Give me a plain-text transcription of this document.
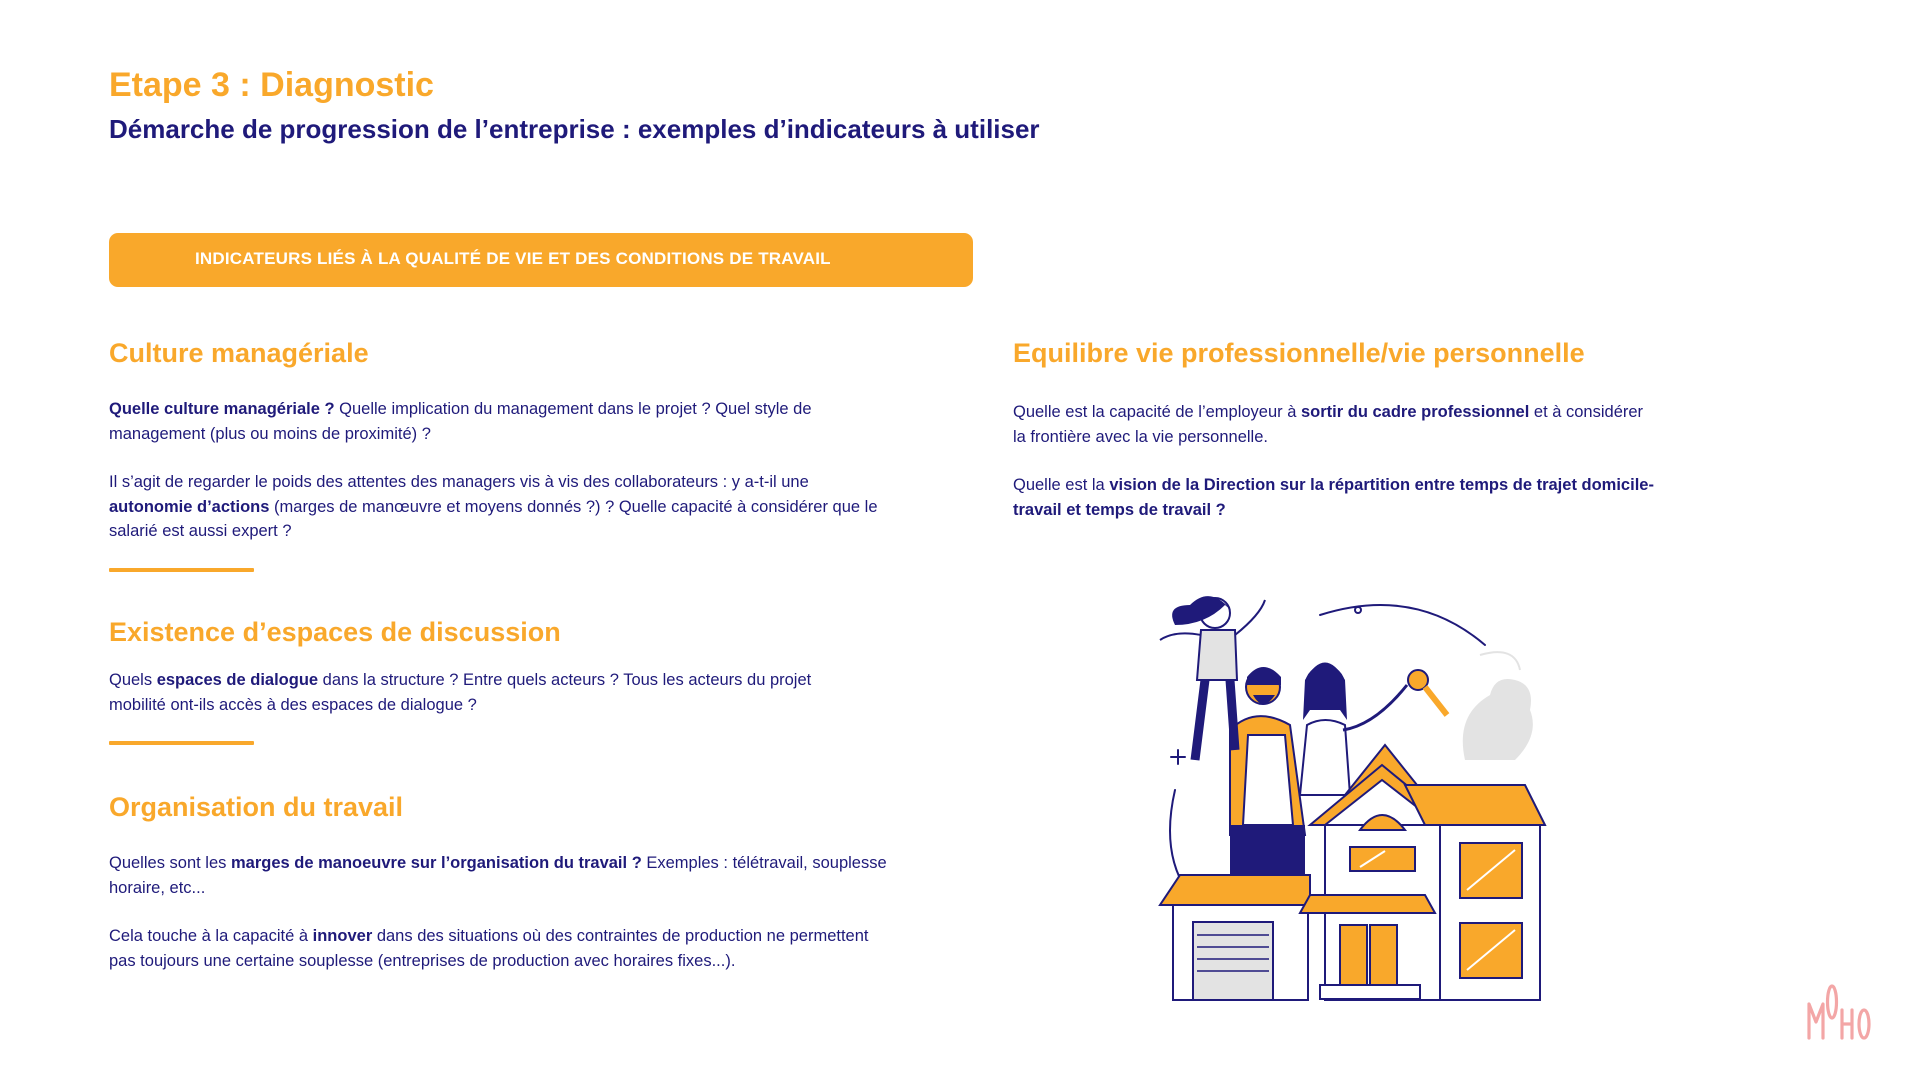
Etape 3 : Diagnostic
Démarche de progression de l’entreprise : exemples d’indicateurs à utiliser
INDICATEURS LIÉS À LA QUALITÉ DE VIE ET DES CONDITIONS DE TRAVAIL
Culture managériale

Quelle culture managériale ? Quelle implication du management dans le projet ? Quel style de management (plus ou moins de proximité) ?

Il s’agit de regarder le poids des attentes des managers vis à vis des collaborateurs : y a-t-il une autonomie d’actions (marges de manœuvre et moyens donnés ?) ? Quelle capacité à considérer que le salarié est aussi expert ?

Existence d’espaces de discussion

Quels espaces de dialogue dans la structure ? Entre quels acteurs ? Tous les acteurs du projet mobilité ont-ils accès à des espaces de dialogue ?

Organisation du travail

Quelles sont les marges de manoeuvre sur l’organisation du travail ? Exemples : télétravail, souplesse horaire, etc...

Cela touche à la capacité à innover dans des situations où des contraintes de production ne permettent pas toujours une certaine souplesse (entreprises de production avec horaires fixes...).

Equilibre vie professionnelle/vie personnelle

Quelle est la capacité de l’employeur à sortir du cadre professionnel et à considérer la frontière avec la vie personnelle.

Quelle est la vision de la Direction sur la répartition entre temps de trajet domicile-travail et temps de travail ?
